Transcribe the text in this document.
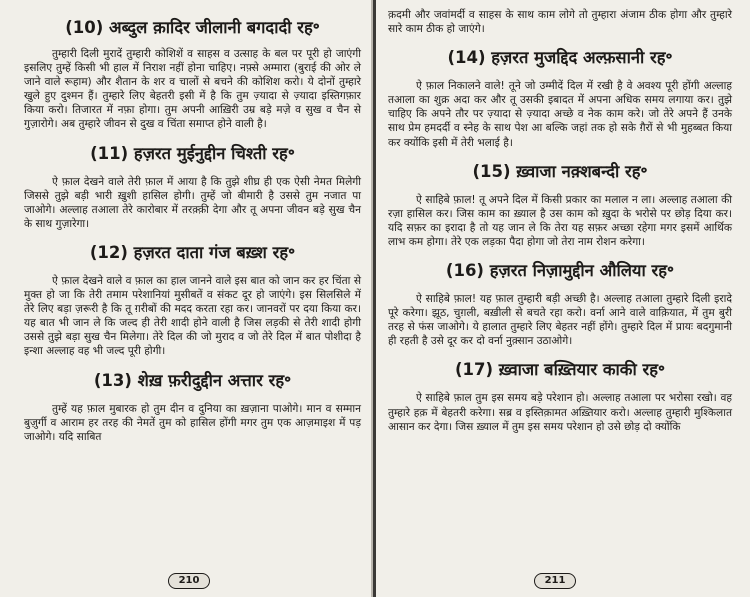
(10) अब्दुल क़ादिर जीलानी बगदादी रह॰

तुम्हारी दिली मुरादें तुम्हारी कोशिशें व साहस व उत्साह के बल पर पूरी हो जाएंगी इसलिए तुम्हें किसी भी हाल में निराश नहीं होना चाहिए। नफ़्से अम्मारा (बुराई की ओर ले जाने वाले रूहाम) और शैतान के शर व चालों से बचने की कोशिश करो। ये दोनों तुम्हारे खुले हुए दुश्मन हैं। तुम्हारे लिए बेहतरी इसी में है कि तुम ज़्यादा से ज़्यादा इस्तिगफ़ार किया करो। तिजारत में नफ़ा होगा। तुम अपनी आख़िरी उम्र बड़े मज़े व सुख व चैन से गुज़ारोगे। अब तुम्हारे जीवन से दुख व चिंता समाप्त होने वाली है।

(11) हज़रत मुईनुद्दीन चिश्ती रह॰

ऐ फ़ाल देखने वाले तेरी फ़ाल में आया है कि तुझे शीघ्र ही एक ऐसी नेमत मिलेगी जिससे तुझे बड़ी भारी ख़ुशी हासिल होगी। तुम्हें जो बीमारी है उससे तुम नजात पा जाओगे। अल्लाह तआला तेरे कारोबार में तरक़्क़ी देगा और तू अपना जीवन बड़े सुख चैन के साथ गुज़ारेगा।

(12) हज़रत दाता गंज बख़्श रह॰

ऐ फ़ाल देखने वाले व फ़ाल का हाल जानने वाले इस बात को जान कर हर चिंता से मुक्त हो जा कि तेरी तमाम परेशानियां मुसीबतें व संकट दूर हो जाएंगे। इस सिलसिले में तेरे लिए बड़ा ज़रूरी है कि तू ग़रीबों की मदद करता रहा कर। जानवरों पर दया किया कर। यह बात भी जान ले कि जल्द ही तेरी शादी होने वाली है जिस लड़की से तेरी शादी होगी उससे तुझे बड़ा सुख चैन मिलेगा। तेरे दिल की जो मुराद व जो तेरे दिल में बात पोशीदा है इन्शा अल्लाह वह भी जल्द पूरी होगी।

(13) शेख़ फ़रीदुद्दीन अत्तार रह॰

तुम्हें यह फ़ाल मुबारक हो तुम दीन व दुनिया का ख़ज़ाना पाओगे। मान व सम्मान बुज़ुर्गी व आराम हर तरह की नेमतें तुम को हासिल होंगी मगर तुम एक आज़माइश में पड़ जाओगे। यदि साबित

210

क़दमी और जवांमर्दी व साहस के साथ काम लोगे तो तुम्हारा अंजाम ठीक होगा और तुम्हारे सारे काम ठीक हो जाएंगे।

(14) हज़रत मुजद्दिद अल्फ़सानी रह॰

ऐ फ़ाल निकालने वाले! तूने जो उम्मीदें दिल में रखी है वे अवश्य पूरी होंगी अल्लाह तआला का शुक्र अदा कर और तू उसकी इबादत में अपना अधिक समय लगाया कर। तुझे चाहिए कि अपने तौर पर ज़्यादा से ज़्यादा अच्छे व नेक काम करे। जो तेरे अपने हैं उनके साथ प्रेम हमदर्दी व स्नेह के साथ पेश आ बल्कि जहां तक हो सके ग़ैरों से भी मुहब्बत किया कर क्योंकि इसी में तेरी भलाई है।

(15) ख़्वाजा नक़्शबन्दी रह॰

ऐ साहिबे फ़ाल! तू अपने दिल में किसी प्रकार का मलाल न ला। अल्लाह तआला की रज़ा हासिल कर। जिस काम का ख़्याल है उस काम को ख़ुदा के भरोसे पर छोड़ दिया कर। यदि सफ़र का इरादा है तो यह जान ले कि तेरा यह सफ़र अच्छा रहेगा मगर इसमें आर्थिक लाभ कम होगा। तेरे एक लड़का पैदा होगा जो तेरा नाम रोशन करेगा।

(16) हज़रत निज़ामुद्दीन औलिया रह॰

ऐ साहिबे फ़ाल! यह फ़ाल तुम्हारी बड़ी अच्छी है। अल्लाह तआला तुम्हारे दिली इरादे पूरे करेगा। झूठ, चुग़ली, बख़ीली से बचते रहा करो। वर्ना आने वाले वाक़ियात, में तुम बुरी तरह से फंस जाओगे। ये हालात तुम्हारे लिए बेहतर नहीं होंगे। तुम्हारे दिल में प्रायः बदगुमानी ही रहती है उसे दूर कर दो वर्ना नुक़्सान उठाओगे।

(17) ख़्वाजा बख़्तियार काकी रह॰

ऐ साहिबे फ़ाल तुम इस समय बड़े परेशान हो। अल्लाह तआला पर भरोसा रखो। वह तुम्हारे हक़ में बेहतरी करेगा। सब्र व इस्तिक़ामत अख़्तियार करो। अल्लाह तुम्हारी मुश्किलात आसान कर देगा। जिस ख़्याल में तुम इस समय परेशान हो उसे छोड़ दो क्योंकि

211
